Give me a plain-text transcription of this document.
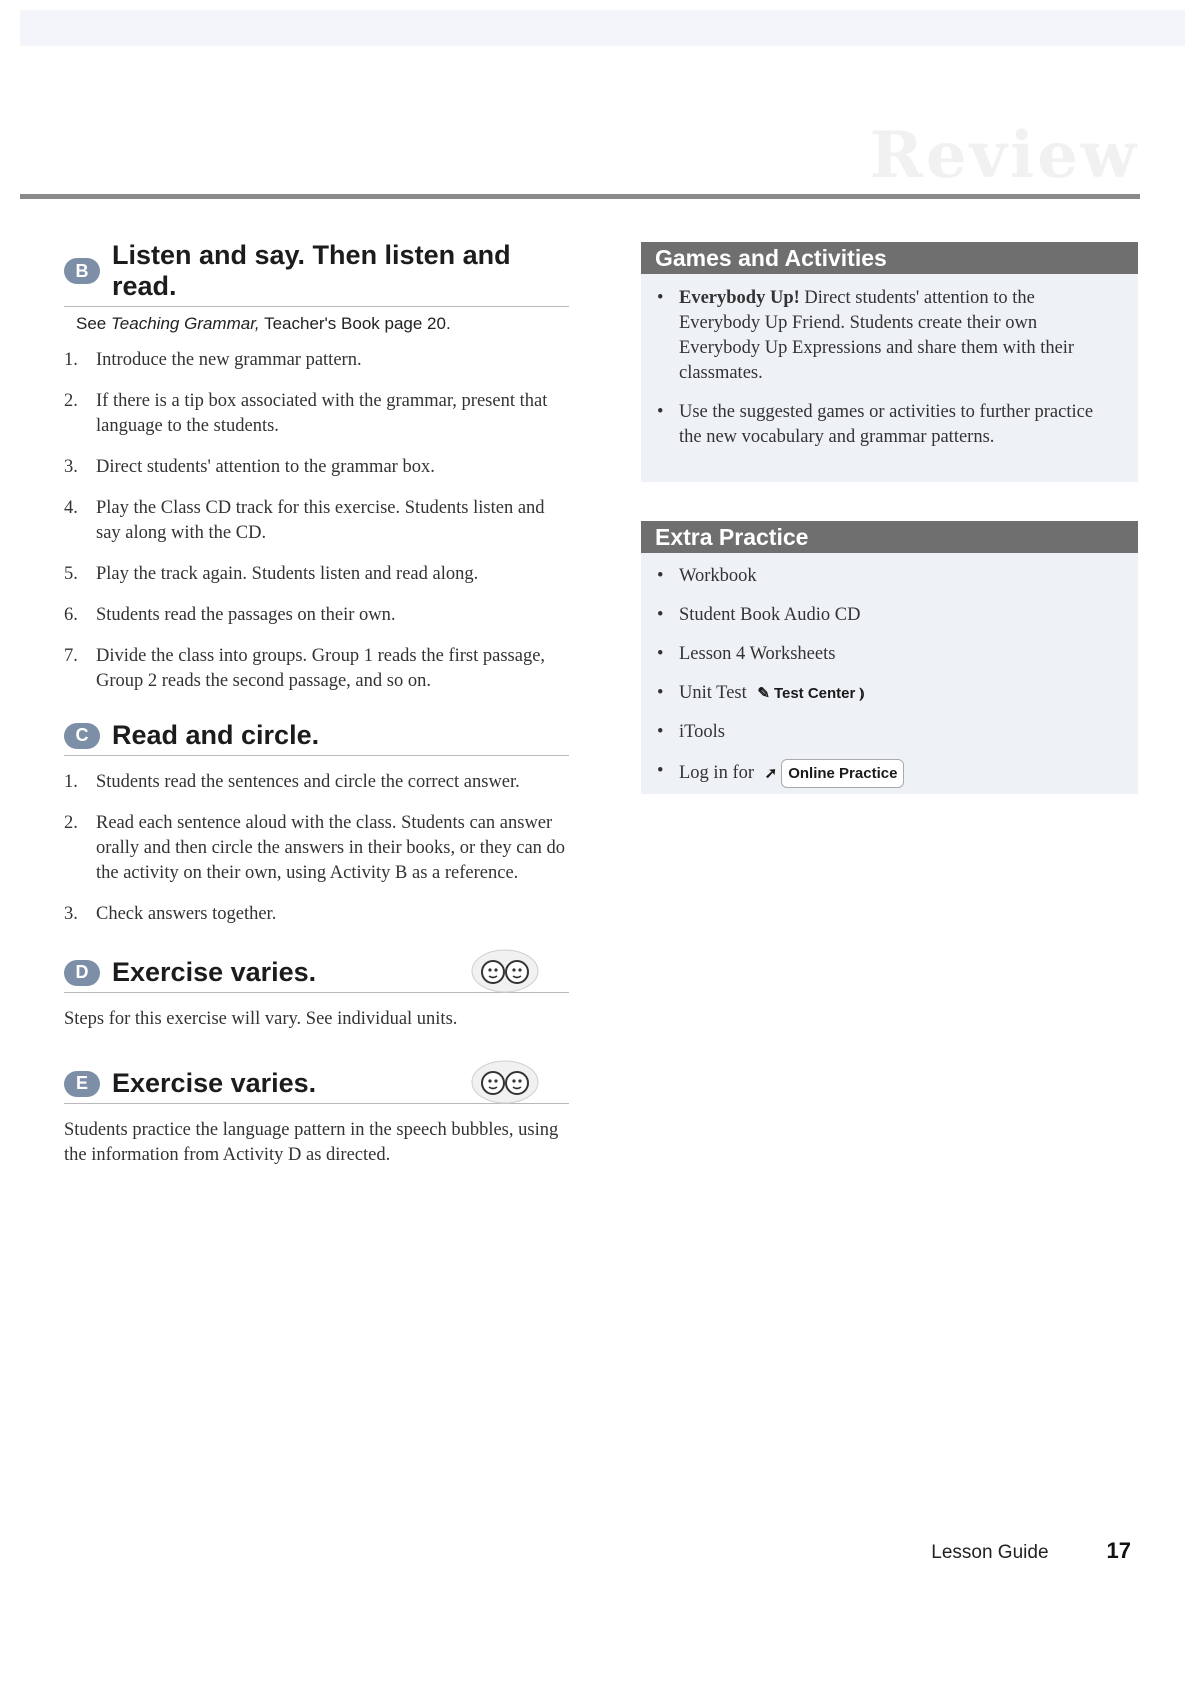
Review
B
Listen and say. Then listen and read.
See Teaching Grammar, Teacher's Book page 20.
1. Introduce the new grammar pattern.
2. If there is a tip box associated with the grammar, present that language to the students.
3. Direct students' attention to the grammar box.
4. Play the Class CD track for this exercise. Students listen and say along with the CD.
5. Play the track again. Students listen and read along.
6. Students read the passages on their own.
7. Divide the class into groups. Group 1 reads the first passage, Group 2 reads the second passage, and so on.
C Read and circle.
1. Students read the sentences and circle the correct answer.
2. Read each sentence aloud with the class. Students can answer orally and then circle the answers in their books, or they can do the activity on their own, using Activity B as a reference.
3. Check answers together.
D Exercise varies.

Steps for this exercise will vary. See individual units.

E Exercise varies.

Students practice the language pattern in the speech bubbles, using the information from Activity D as directed.

Games and Activities
• Everybody Up! Direct students' attention to the Everybody Up Friend. Students create their own Everybody Up Expressions and share them with their classmates.
• Use the suggested games or activities to further practice the new vocabulary and grammar patterns.
Extra Practice
• Workbook
• Student Book Audio CD
• Lesson 4 Worksheets
• Unit Test ✎ Test Center ⦆
• iTools
• Log in for ➚ Online Practice
Lesson Guide	17
